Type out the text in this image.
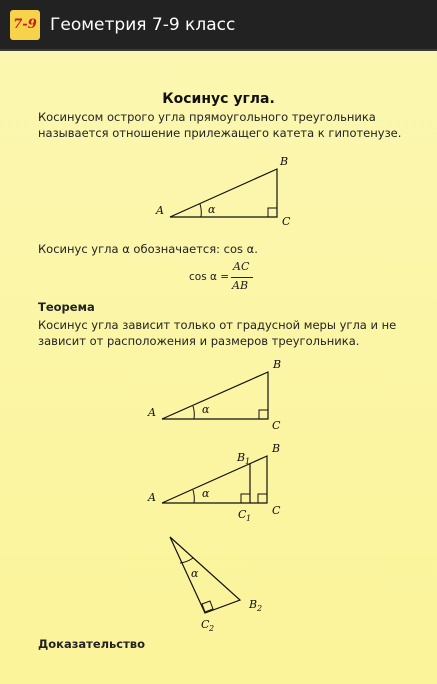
7-9 Геометрия 7-9 класс
Косинус угла.
Косинусом острого угла прямоугольного треугольника называется отношение прилежащего катета к гипотенузе.
A
B
C
α
A
B
C
α
A
B
B 1
C 1
C
α
α
B 2
C 2
Косинус угла α обозначается: cos α.
cos α =
AC
AB
Теорема
Косинус угла зависит только от градусной меры угла и не зависит от расположения и размеров треугольника.
Доказательство
